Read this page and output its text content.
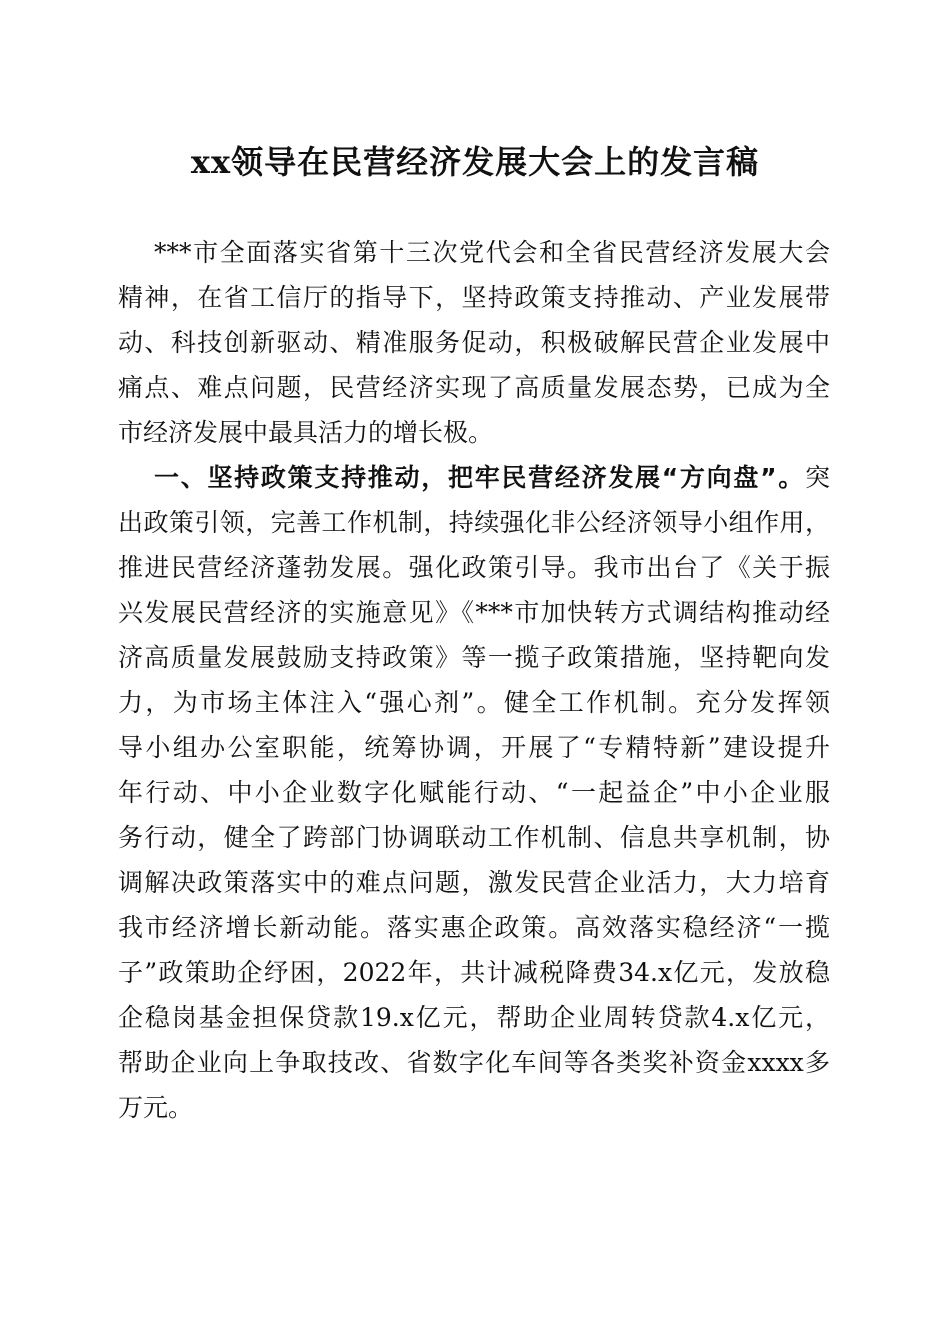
xx领导在民营经济发展大会上的发言稿
***市全面落实省第十三次党代会和全省民营经济发展大会
精神，在省工信厅的指导下，坚持政策支持推动、产业发展带
动、科技创新驱动、精准服务促动，积极破解民营企业发展中
痛点、难点问题，民营经济实现了高质量发展态势，已成为全
市经济发展中最具活力的增长极。
一、坚持政策支持推动，把牢民营经济发展“方向盘”。突
出政策引领，完善工作机制，持续强化非公经济领导小组作用，
推进民营经济蓬勃发展。强化政策引导。我市出台了《关于振
兴发展民营经济的实施意见》《***市加快转方式调结构推动经
济高质量发展鼓励支持政策》等一揽子政策措施，坚持靶向发
力，为市场主体注入“强心剂”。健全工作机制。充分发挥领
导小组办公室职能，统筹协调，开展了“专精特新”建设提升
年行动、中小企业数字化赋能行动、“一起益企”中小企业服
务行动，健全了跨部门协调联动工作机制、信息共享机制，协
调解决政策落实中的难点问题，激发民营企业活力，大力培育
我市经济增长新动能。落实惠企政策。高效落实稳经济“一揽
子”政策助企纾困，2022年，共计减税降费34.x亿元，发放稳
企稳岗基金担保贷款19.x亿元，帮助企业周转贷款4.x亿元，
帮助企业向上争取技改、省数字化车间等各类奖补资金xxxx多
万元。
